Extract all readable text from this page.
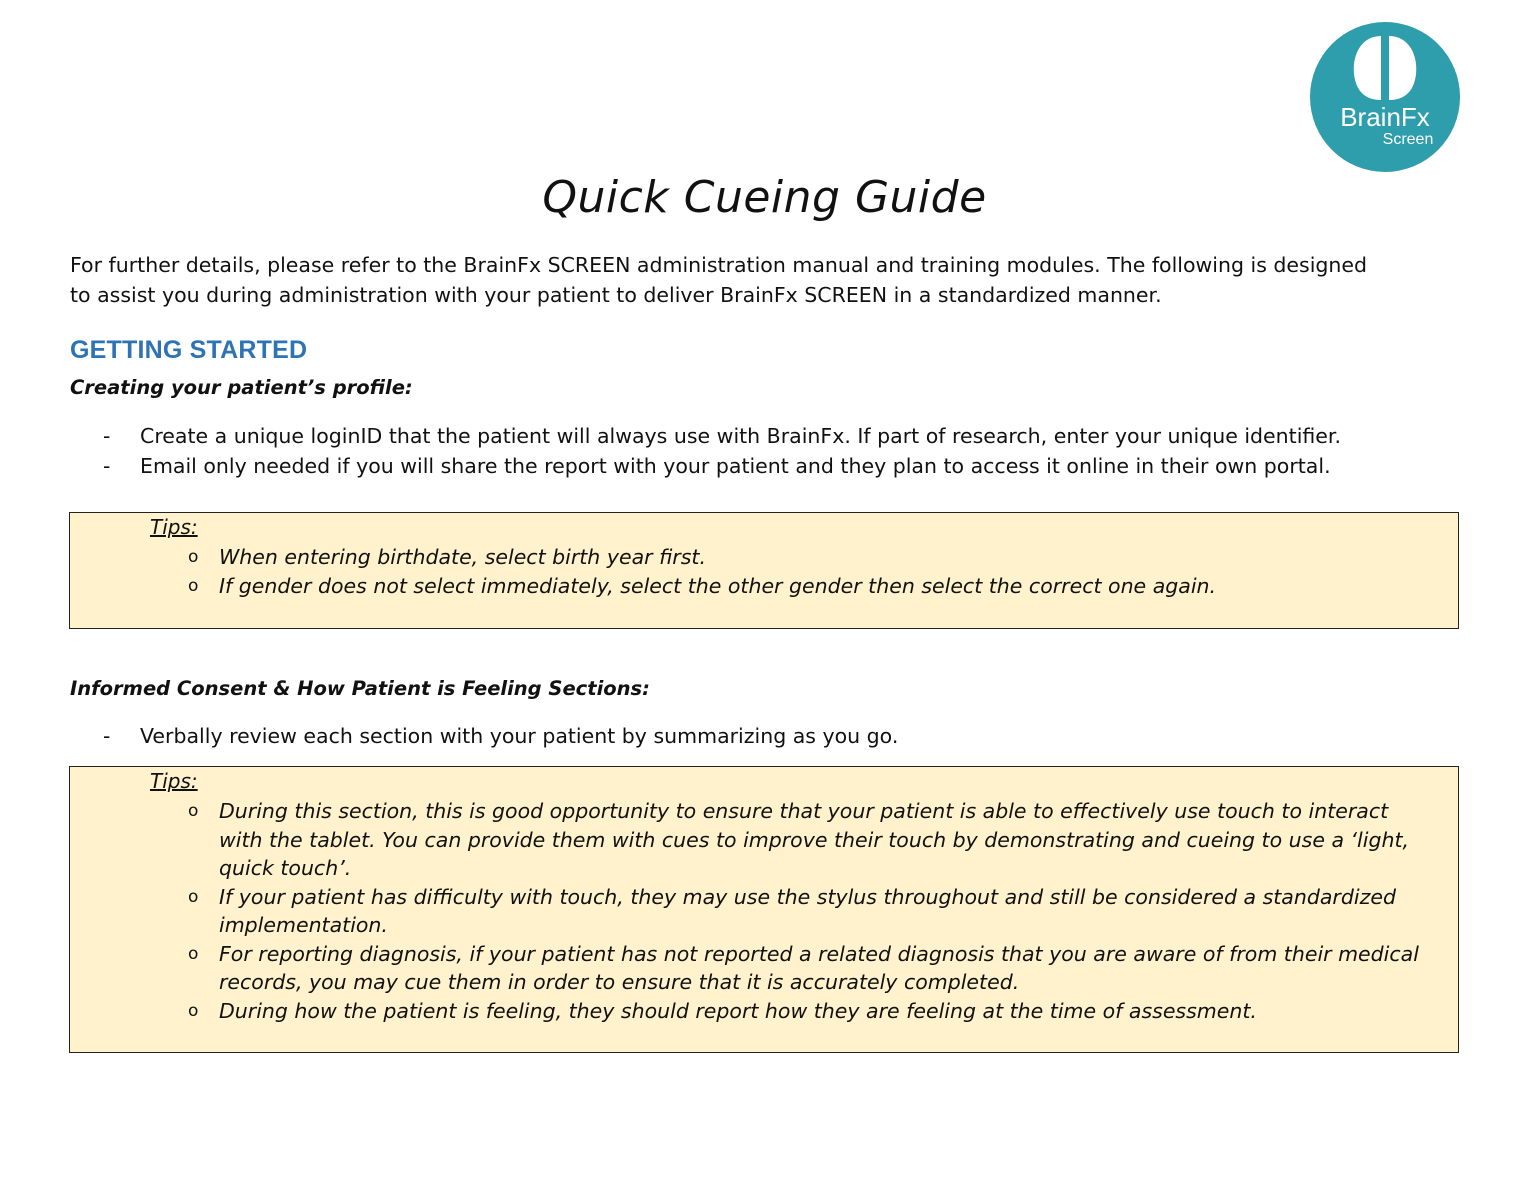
BrainFx
Screen
Quick Cueing Guide

For further details, please refer to the BrainFx SCREEN administration manual and training modules. The following is designed
to assist you during administration with your patient to deliver BrainFx SCREEN in a standardized manner.

GETTING STARTED
Creating your patient’s profile:
- Create a unique loginID that the patient will always use with BrainFx. If part of research, enter your unique identifier.
- Email only needed if you will share the report with your patient and they plan to access it online in their own portal.

Tips:

o When entering birthdate, select birth year first.
o If gender does not select immediately, select the other gender then select the correct one again.
Informed Consent & How Patient is Feeling Sections:
- Verbally review each section with your patient by summarizing as you go.

Tips:

o During this section, this is good opportunity to ensure that your patient is able to effectively use touch to interact with the tablet. You can provide them with cues to improve their touch by demonstrating and cueing to use a ‘light, quick touch’.
o If your patient has difficulty with touch, they may use the stylus throughout and still be considered a standardized implementation.
o For reporting diagnosis, if your patient has not reported a related diagnosis that you are aware of from their medical records, you may cue them in order to ensure that it is accurately completed.
o During how the patient is feeling, they should report how they are feeling at the time of assessment.
